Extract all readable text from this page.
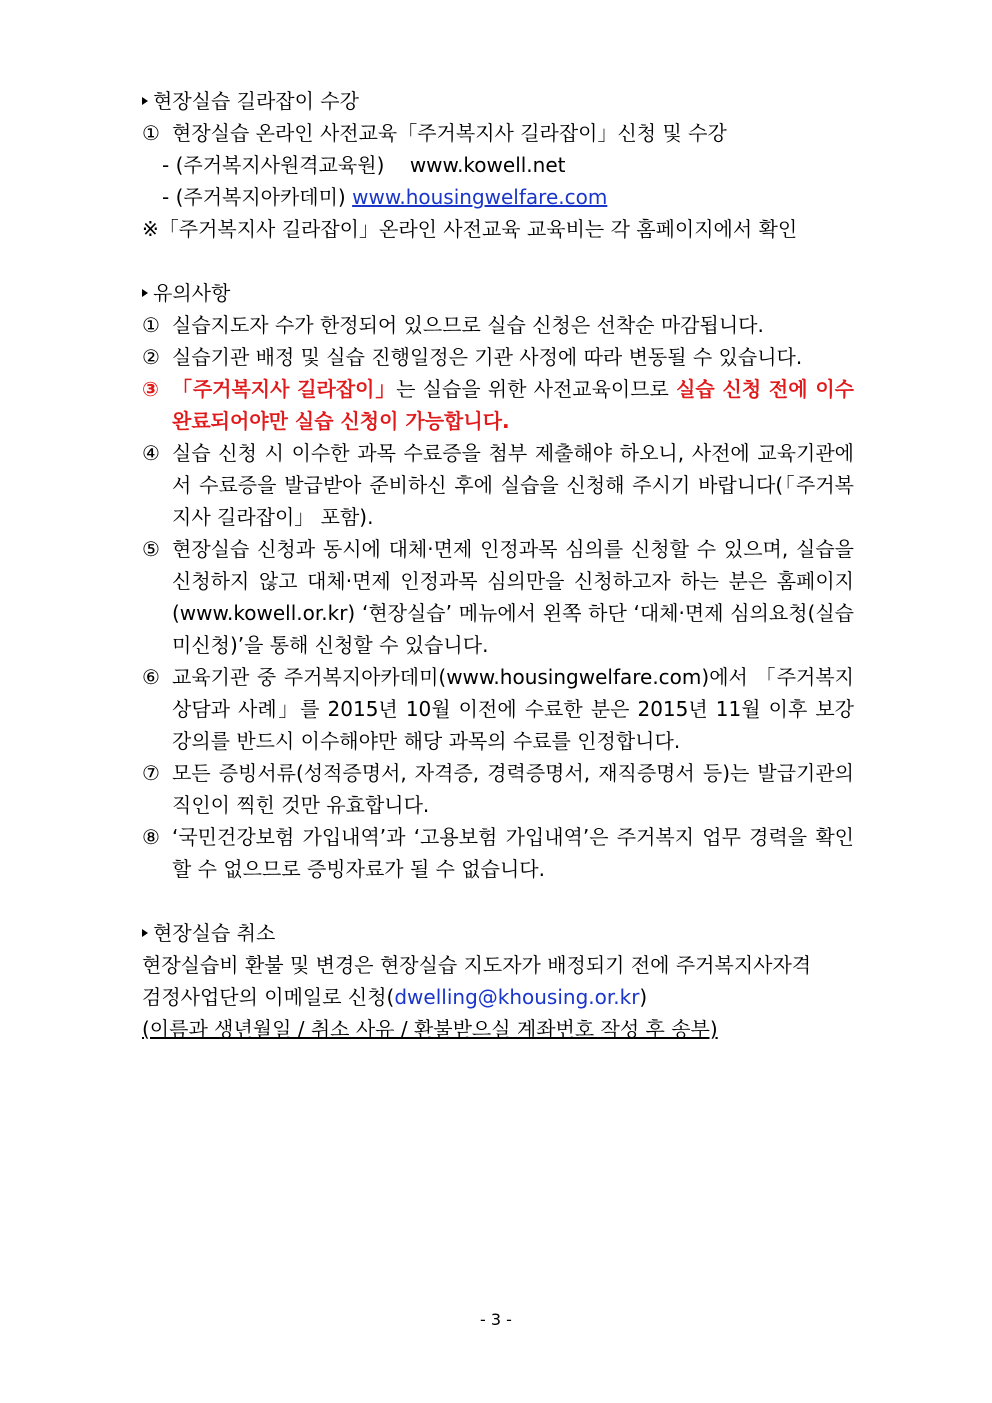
현장실습 길라잡이 수강
① 현장실습 온라인 사전교육「주거복지사 길라잡이」신청 및 수강
- (주거복지사원격교육원) www.kowell.net
- (주거복지아카데미) www.housingwelfare.com
※「주거복지사 길라잡이」온라인 사전교육 교육비는 각 홈페이지에서 확인
유의사항
① 실습지도자 수가 한정되어 있으므로 실습 신청은 선착순 마감됩니다.
② 실습기관 배정 및 실습 진행일정은 기관 사정에 따라 변동될 수 있습니다.
③ 「주거복지사 길라잡이」는 실습을 위한 사전교육이므로 실습 신청 전에 이수 완료되어야만 실습 신청이 가능합니다.
④ 실습 신청 시 이수한 과목 수료증을 첨부 제출해야 하오니, 사전에 교육기관에서 수료증을 발급받아 준비하신 후에 실습을 신청해 주시기 바랍니다(「주거복지사 길라잡이」 포함).
⑤ 현장실습 신청과 동시에 대체·면제 인정과목 심의를 신청할 수 있으며, 실습을 신청하지 않고 대체·면제 인정과목 심의만을 신청하고자 하는 분은 홈페이지(www.kowell.or.kr) ‘현장실습’ 메뉴에서 왼쪽 하단 ‘대체·면제 심의요청(실습 미신청)’을 통해 신청할 수 있습니다.
⑥ 교육기관 중 주거복지아카데미(www.housingwelfare.com)에서 「주거복지 상담과 사례」를 2015년 10월 이전에 수료한 분은 2015년 11월 이후 보강 강의를 반드시 이수해야만 해당 과목의 수료를 인정합니다.
⑦ 모든 증빙서류(성적증명서, 자격증, 경력증명서, 재직증명서 등)는 발급기관의 직인이 찍힌 것만 유효합니다.
⑧ ‘국민건강보험 가입내역’과 ‘고용보험 가입내역’은 주거복지 업무 경력을 확인할 수 없으므로 증빙자료가 될 수 없습니다.
현장실습 취소
현장실습비 환불 및 변경은 현장실습 지도자가 배정되기 전에 주거복지사자격
검정사업단의 이메일로 신청(dwelling@khousing.or.kr)
(이름과 생년월일 / 취소 사유 / 환불받으실 계좌번호 작성 후 송부)
- 3 -
